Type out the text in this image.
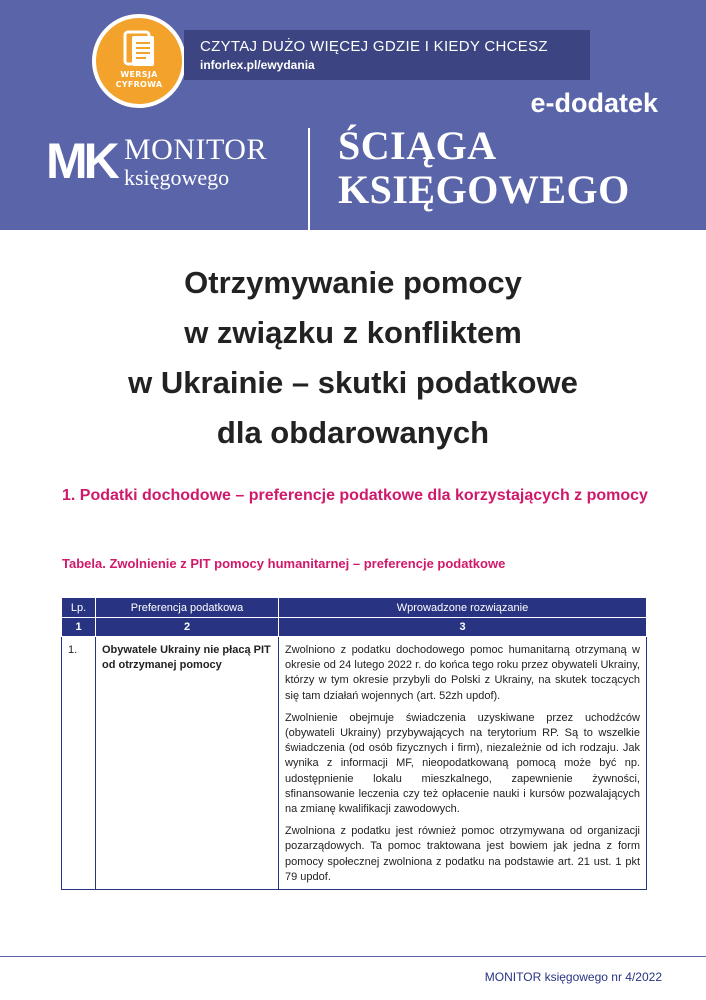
WERSJA
CYFROWA
CZYTAJ DUŻO WIĘCEJ GDZIE I KIEDY CHCESZ
inforlex.pl/ewydania
e-dodatek
MK MONITOR
księgowego
ŚCIĄGA
KSIĘGOWEGO
Otrzymywanie pomocy
w związku z konfliktem
w Ukrainie – skutki podatkowe
dla obdarowanych
1. Podatki dochodowe – preferencje podatkowe dla korzystających z pomocy
Tabela. Zwolnienie z PIT pomocy humanitarnej – preferencje podatkowe
Lp.	Preferencja podatkowa	Wprowadzone rozwiązanie
1	2	3
1.	Obywatele Ukrainy nie płacą PIT od otrzymanej pomocy	Zwolniono z podatku dochodowego pomoc humanitarną otrzymaną w okresie od 24 lutego 2022 r. do końca tego roku przez obywateli Ukrainy, którzy w tym okresie przybyli do Polski z Ukrainy, na skutek toczących się tam działań wojennych (art. 52zh updof).

Zwolnienie obejmuje świadczenia uzyskiwane przez uchodźców (obywateli Ukrainy) przybywających na terytorium RP. Są to wszelkie świadczenia (od osób fizycznych i firm), niezależnie od ich rodzaju. Jak wynika z informacji MF, nieopodatkowaną pomocą może być np. udostępnienie lokalu mieszkalnego, zapewnienie żywności, sfinansowanie leczenia czy też opłacenie nauki i kursów pozwalających na zmianę kwalifikacji zawodowych.

Zwolniona z podatku jest również pomoc otrzymywana od organizacji pozarządowych. Ta pomoc traktowana jest bowiem jak jedna z form pomocy społecznej zwolniona z podatku na podstawie art. 21 ust. 1 pkt 79 updof.

MONITOR księgowego nr 4/2022
